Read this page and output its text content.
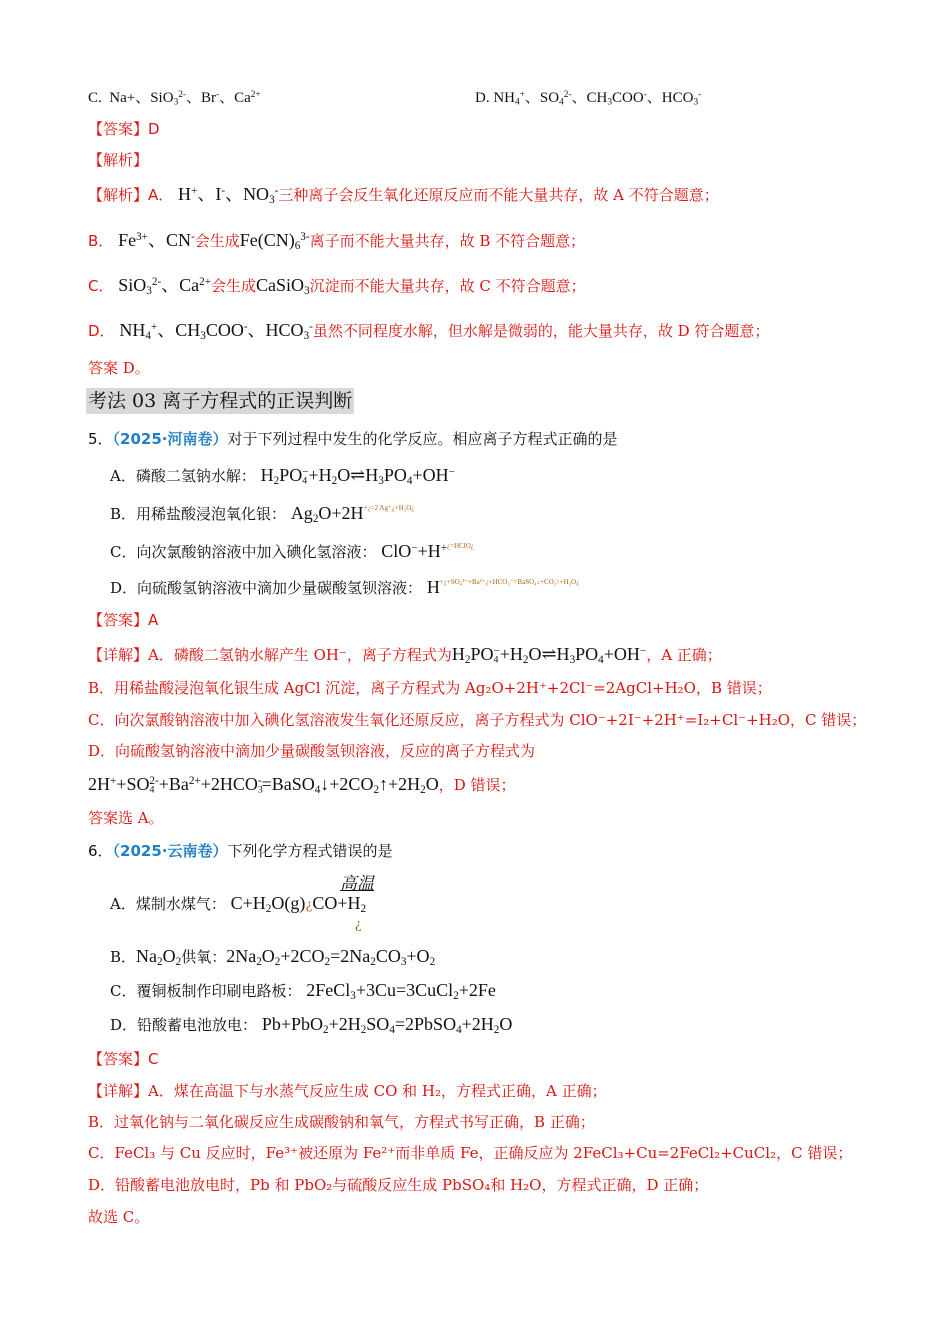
C. Na+、SiO$_3^{2-}$、Br-、$Ca^{2+}$	D. $NH_4^+$、$SO_4^{2-}$、$CH_3COO^-$、$HCO_3^-$
【答案】D
【解析】
【解析】A． H+、I-、$NO_3^-$三种离子会反生氧化还原反应而不能大量共存，故 A 不符合题意；
B． $Fe^{3+}$、CN-会生成$Fe(CN)_6^{3-}$离子而不能大量共存，故 B 不符合题意；
C． SiO$_3^{2-}$、$Ca^{2+}$会生成CaSiO$_3$沉淀而不能大量共存，故 C 不符合题意；
D． $NH_4^+$、$CH_3COO^-$、$HCO_3^-$虽然不同程度水解，但水解是微弱的，能大量共存，故 D 符合题意；
答案 D。
考法 03 离子方程式的正误判断
5．（2025·河南卷）对于下列过程中发生的化学反应。相应离子方程式正确的是
A．磷酸二氢钠水解： $H_2PO_4^-+H_2O\rightleftharpoons H_3PO_4+OH^-$
B．用稀盐酸浸泡氧化银： $Ag_2O+2H^{+¿=2 Ag^+¿+H_2O¿}$
C．向次氯酸钠溶液中加入碘化氢溶液： $ClO^-+H^{+¿=HClO¿}$
D．向硫酸氢钠溶液中滴加少量碳酸氢钡溶液： $H^{+¿+SO_4^{2-}+Ba^{2+}¿+HCO_3^-=BaSO_4↓+CO_2↑+H_2O¿}$
【答案】A
【详解】A．磷酸二氢钠水解产生 OH⁻，离子方程式为$H_2PO_4^-+H_2O\rightleftharpoons H_3PO_4+OH^-$，A 正确；
B．用稀盐酸浸泡氧化银生成 AgCl 沉淀，离子方程式为 Ag₂O+2H⁺+2Cl⁻=2AgCl+H₂O，B 错误；
C．向次氯酸钠溶液中加入碘化氢溶液发生氧化还原反应，离子方程式为 ClO⁻+2I⁻+2H⁺=I₂+Cl⁻+H₂O，C 错误；
D．向硫酸氢钠溶液中滴加少量碳酸氢钡溶液，反应的离子方程式为
$2H^++SO_4^{2-}+Ba^{2+}+2HCO_3^-=BaSO_4↓+2CO_2↑+2H_2O$，D 错误；
答案选 A。
6．（2025·云南卷）下列化学方程式错误的是
高温
A．煤制水煤气： $C+H_2O(g)¿CO+H_2$
¿
B．$Na_2O_2$供氧：$2Na_2O_2+2CO_2=2Na_2CO_3+O_2$
C．覆铜板制作印刷电路板： 2FeCl$_3$+3Cu=3CuCl$_2$+2Fe
D．铅酸蓄电池放电： $Pb+PbO_2+2H_2SO_4=2PbSO_4+2H_2O$
【答案】C
【详解】A．煤在高温下与水蒸气反应生成 CO 和 H₂，方程式正确，A 正确；
B．过氧化钠与二氧化碳反应生成碳酸钠和氧气，方程式书写正确，B 正确；
C．FeCl₃ 与 Cu 反应时，Fe³⁺被还原为 Fe²⁺而非单质 Fe，正确反应为 2FeCl₃+Cu=2FeCl₂+CuCl₂，C 错误；
D．铅酸蓄电池放电时，Pb 和 PbO₂与硫酸反应生成 PbSO₄和 H₂O，方程式正确，D 正确；
故选 C。
